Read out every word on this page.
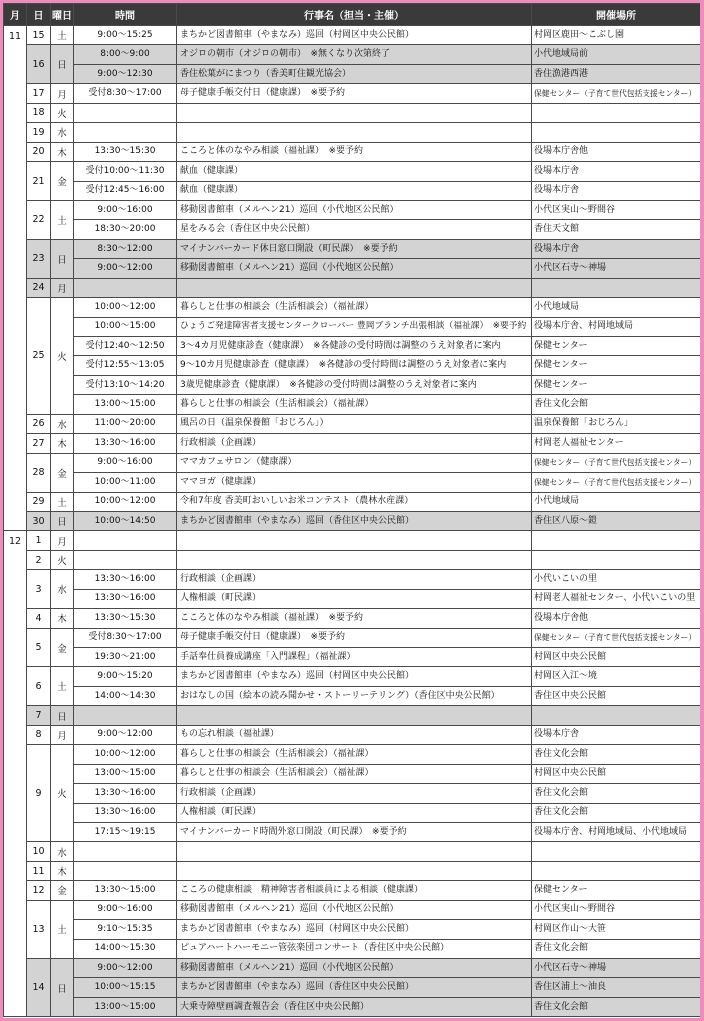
月	日	曜日	時間	行事名（担当・主催）	開催場所
11	15	土	9:00～15:25	まちかど図書館車（やまなみ）巡回（村岡区中央公民館）	村岡区鹿田～こぶし園

	16	日	8:00～9:00	オジロの朝市（オジロの朝市）　※無くなり次第終了	小代地域局前

			9:00～12:30	香住松葉がにまつり（香美町住観光協会）	香住漁港西港

	17	月	受付8:30～17:00	母子健康手帳交付日（健康課）　※要予約	保健センター（子育て世代包括支援センター）

	18	火			
	19	水			
	20	木	13:30～15:30	こころと体のなやみ相談（福祉課）　※要予約	役場本庁舎他

	21	金	受付10:00～11:30	献血（健康課）	役場本庁舎

			受付12:45～16:00	献血（健康課）	役場本庁舎

	22	土	9:00～16:00	移動図書館車（メルヘン21）巡回（小代地区公民館）	小代区実山～野間谷

			18:30～20:00	星をみる会（香住区中央公民館）	香住天文館

	23	日	8:30～12:00	マイナンバーカード休日窓口開設（町民課）　※要予約	役場本庁舎

			9:00～12:00	移動図書館車（メルヘン21）巡回（小代地区公民館）	小代区石寺～神場

	24	月			
	25	火	10:00～12:00	暮らしと仕事の相談会（生活相談会）（福祉課）	小代地域局

			10:00～15:00	ひょうご発達障害者支援センタークローバー 豊岡ブランチ出張相談（福祉課）　※要予約	役場本庁舎、村岡地域局

			受付12:40～12:50	3～4カ月児健康診査（健康課）　※各健診の受付時間は調整のうえ対象者に案内	保健センター

			受付12:55～13:05	9～10カ月児健康診査（健康課）　※各健診の受付時間は調整のうえ対象者に案内	保健センター

			受付13:10～14:20	3歳児健康診査（健康課）　※各健診の受付時間は調整のうえ対象者に案内	保健センター

			13:00～15:00	暮らしと仕事の相談会（生活相談会）（福祉課）	香住文化会館

	26	水	11:00～20:00	風呂の日（温泉保養館「おじろん」）	温泉保養館「おじろん」

	27	木	13:30～16:00	行政相談（企画課）	村岡老人福祉センター

	28	金	9:00～16:00	ママカフェサロン（健康課）	保健センター（子育て世代包括支援センター）

			10:00～11:00	ママヨガ（健康課）	保健センター（子育て世代包括支援センター）

	29	土	10:00～12:00	令和7年度 香美町おいしいお米コンテスト（農林水産課）	小代地域局

	30	日	10:00～14:50	まちかど図書館車（やまなみ）巡回（香住区中央公民館）	香住区八原～鎧

12	1	月			
	2	火			
	3	水	13:30～16:00	行政相談（企画課）	小代いこいの里

			13:30～16:00	人権相談（町民課）	村岡老人福祉センター、小代いこいの里

	4	木	13:30～15:30	こころと体のなやみ相談（福祉課）　※要予約	役場本庁舎他

	5	金	受付8:30～17:00	母子健康手帳交付日（健康課）　※要予約	保健センター（子育て世代包括支援センター）

			19:30～21:00	手話奉仕員養成講座「入門課程」（福祉課）	村岡区中央公民館

	6	土	9:00～15:20	まちかど図書館車（やまなみ）巡回（村岡区中央公民館）	村岡区入江～境

			14:00～14:30	おはなしの国（絵本の読み聞かせ・ストーリーテリング）（香住区中央公民館）	香住区中央公民館

	7	日			
	8	月	9:00～12:00	もの忘れ相談（福祉課）	役場本庁舎

	9	火	10:00～12:00	暮らしと仕事の相談会（生活相談会）（福祉課）	香住文化会館

			13:00～15:00	暮らしと仕事の相談会（生活相談会）（福祉課）	村岡区中央公民館

			13:30～16:00	行政相談（企画課）	香住文化会館

			13:30～16:00	人権相談（町民課）	香住文化会館

			17:15～19:15	マイナンバーカード時間外窓口開設（町民課）　※要予約	役場本庁舎、村岡地域局、小代地域局

	10	水			
	11	木			
	12	金	13:30～15:00	こころの健康相談　精神障害者相談員による相談（健康課）	保健センター

	13	土	9:00～16:00	移動図書館車（メルヘン21）巡回（小代地区公民館）	小代区実山～野間谷

			9:10～15:35	まちかど図書館車（やまなみ）巡回（村岡区中央公民館）	村岡区作山～大笹

			14:00～15:30	ピュアハートハーモニー管弦楽団コンサート（香住区中央公民館）	香住文化会館

	14	日	9:00～12:00	移動図書館車（メルヘン21）巡回（小代地区公民館）	小代区石寺～神場

			10:00～15:15	まちかど図書館車（やまなみ）巡回（香住区中央公民館）	香住区浦上～油良

			13:00～15:00	大乗寺障壁画調査報告会（香住区中央公民館）	香住文化会館
